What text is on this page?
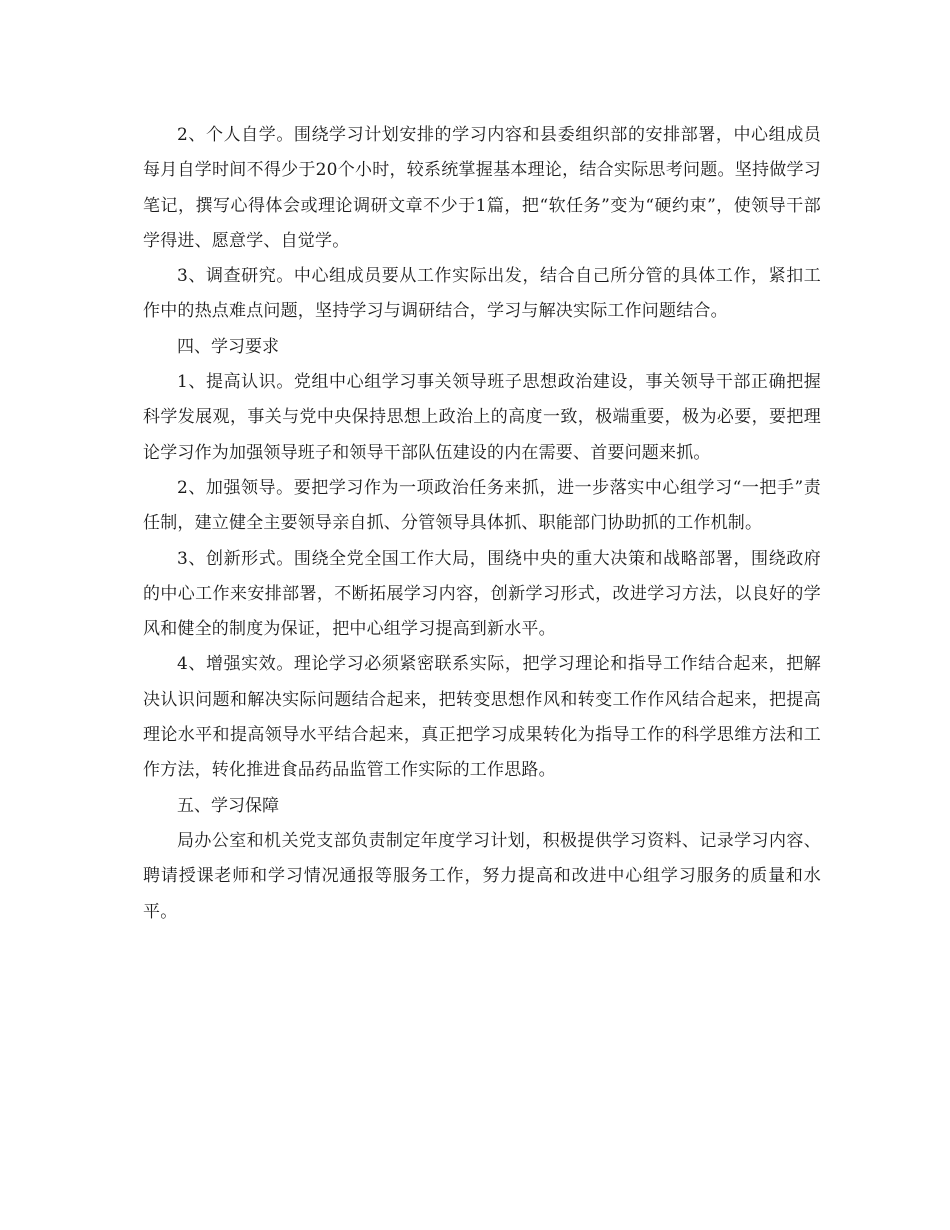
2、个人自学。围绕学习计划安排的学习内容和县委组织部的安排部署，中心组成员每月自学时间不得少于20个小时，较系统掌握基本理论，结合实际思考问题。坚持做学习笔记，撰写心得体会或理论调研文章不少于1篇，把“软任务”变为“硬约束”，使领导干部学得进、愿意学、自觉学。

3、调查研究。中心组成员要从工作实际出发，结合自己所分管的具体工作，紧扣工作中的热点难点问题，坚持学习与调研结合，学习与解决实际工作问题结合。

四、学习要求

1、提高认识。党组中心组学习事关领导班子思想政治建设，事关领导干部正确把握科学发展观，事关与党中央保持思想上政治上的高度一致，极端重要，极为必要，要把理论学习作为加强领导班子和领导干部队伍建设的内在需要、首要问题来抓。

2、加强领导。要把学习作为一项政治任务来抓，进一步落实中心组学习“一把手”责任制，建立健全主要领导亲自抓、分管领导具体抓、职能部门协助抓的工作机制。

3、创新形式。围绕全党全国工作大局，围绕中央的重大决策和战略部署，围绕政府的中心工作来安排部署，不断拓展学习内容，创新学习形式，改进学习方法，以良好的学风和健全的制度为保证，把中心组学习提高到新水平。

4、增强实效。理论学习必须紧密联系实际，把学习理论和指导工作结合起来，把解决认识问题和解决实际问题结合起来，把转变思想作风和转变工作作风结合起来，把提高理论水平和提高领导水平结合起来，真正把学习成果转化为指导工作的科学思维方法和工作方法，转化推进食品药品监管工作实际的工作思路。

五、学习保障

局办公室和机关党支部负责制定年度学习计划，积极提供学习资料、记录学习内容、聘请授课老师和学习情况通报等服务工作，努力提高和改进中心组学习服务的质量和水平。
